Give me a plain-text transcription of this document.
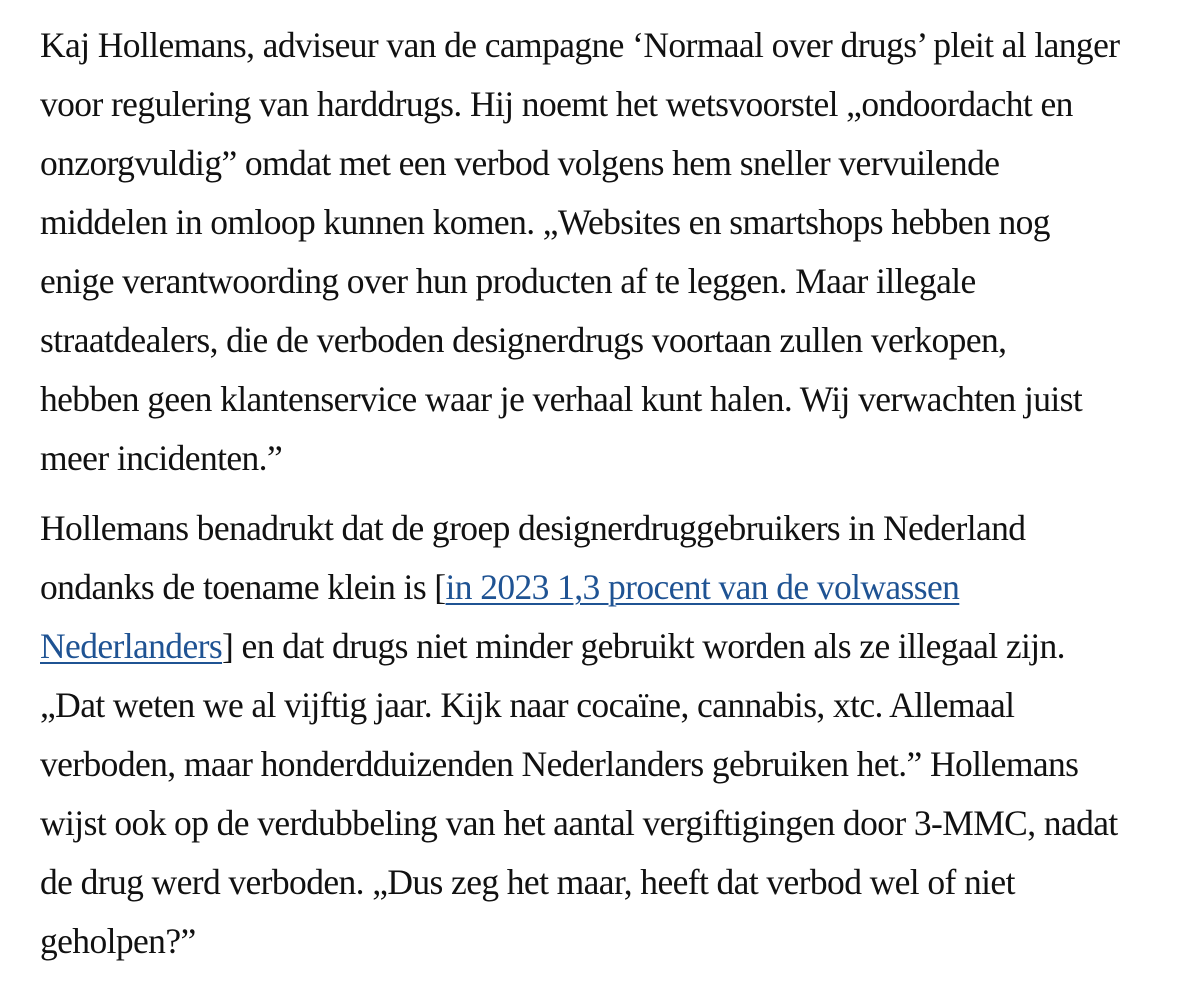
Kaj Hollemans, adviseur van de campagne ‘Normaal over drugs’ pleit al langer
voor regulering van harddrugs. Hij noemt het wetsvoorstel „ondoordacht en
onzorgvuldig” omdat met een verbod volgens hem sneller vervuilende
middelen in omloop kunnen komen. „Websites en smartshops hebben nog
enige verantwoording over hun producten af te leggen. Maar illegale
straatdealers, die de verboden designerdrugs voortaan zullen verkopen,
hebben geen klantenservice waar je verhaal kunt halen. Wij verwachten juist
meer incidenten.”

Hollemans benadrukt dat de groep designerdruggebruikers in Nederland
ondanks de toename klein is [in 2023 1,3 procent van de volwassen
Nederlanders] en dat drugs niet minder gebruikt worden als ze illegaal zijn.
„Dat weten we al vijftig jaar. Kijk naar cocaïne, cannabis, xtc. Allemaal
verboden, maar honderdduizenden Nederlanders gebruiken het.” Hollemans
wijst ook op de verdubbeling van het aantal vergiftigingen door 3-MMC, nadat
de drug werd verboden. „Dus zeg het maar, heeft dat verbod wel of niet
geholpen?”
